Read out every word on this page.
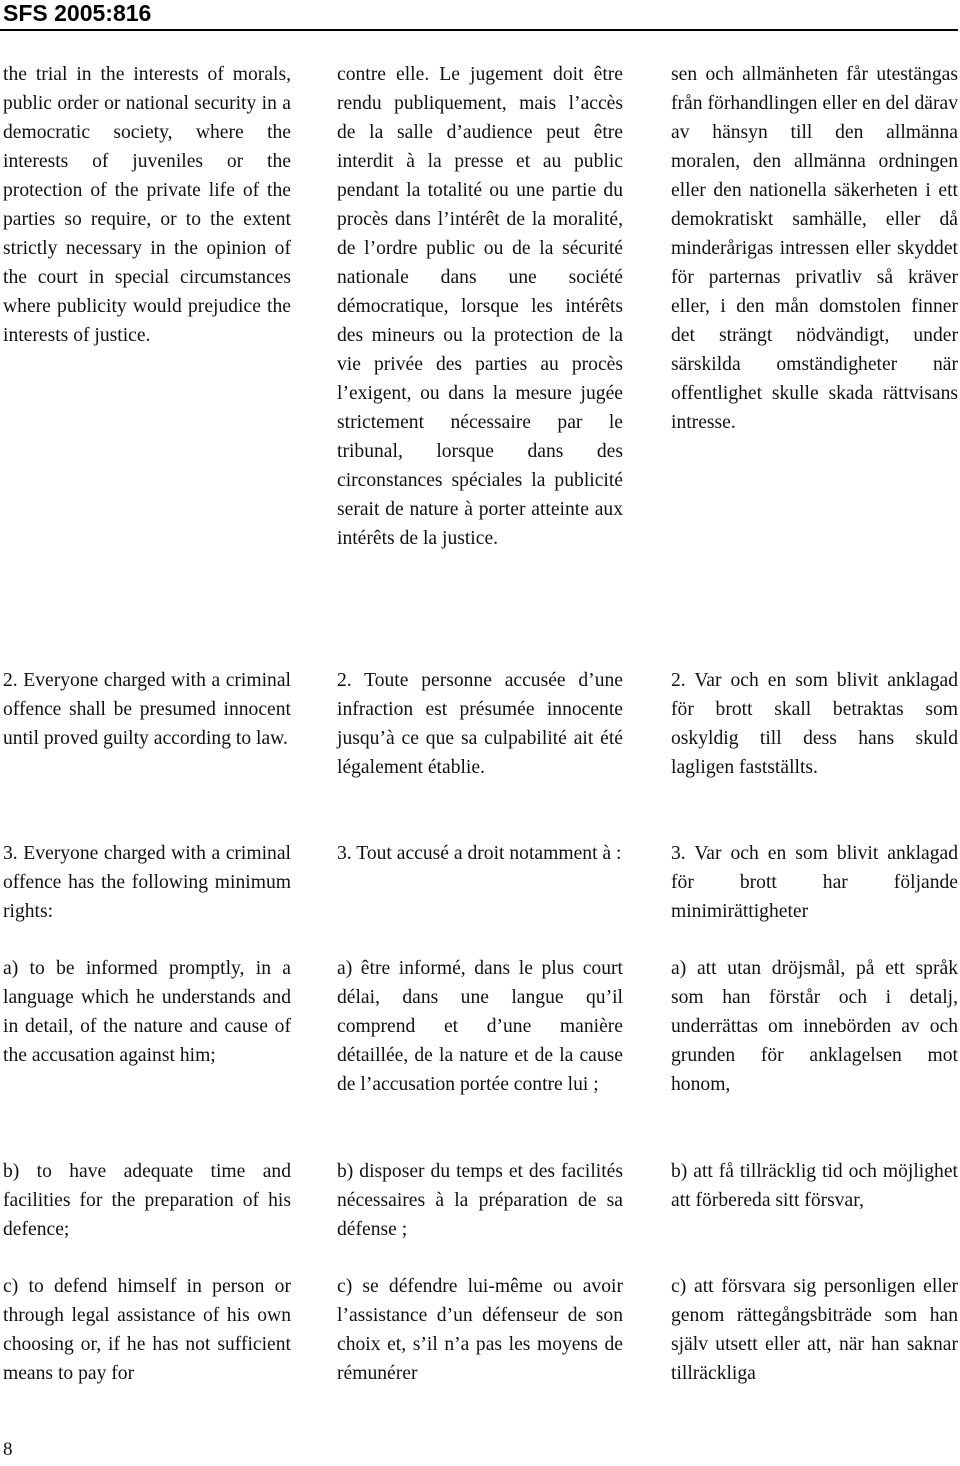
SFS 2005:816

the trial in the interests of morals, public order or national security in a democratic society, where the interests of juveniles or the protection of the private life of the parties so require, or to the extent strictly necessary in the opinion of the court in special circumstances where publicity would prejudice the interests of justice.

2. Everyone charged with a criminal offence shall be presumed innocent until proved guilty according to law.

3. Everyone charged with a criminal offence has the following minimum rights:

a) to be informed promptly, in a language which he understands and in detail, of the nature and cause of the accusation against him;

b) to have adequate time and facilities for the preparation of his defence;

c) to defend himself in person or through legal assistance of his own choosing or, if he has not sufficient means to pay for

contre elle. Le jugement doit être rendu publiquement, mais l’accès de la salle d’audience peut être interdit à la presse et au public pendant la totalité ou une partie du procès dans l’intérêt de la moralité, de l’ordre public ou de la sécurité nationale dans une société démocratique, lorsque les intérêts des mineurs ou la protection de la vie privée des parties au procès l’exigent, ou dans la mesure jugée strictement nécessaire par le tribunal, lorsque dans des circonstances spéciales la publicité serait de nature à porter atteinte aux intérêts de la justice.

2. Toute personne accusée d’une infraction est présumée innocente jusqu’à ce que sa culpabilité ait été légalement établie.

3. Tout accusé a droit notamment à :

a) être informé, dans le plus court délai, dans une langue qu’il comprend et d’une manière détaillée, de la nature et de la cause de l’accusation portée contre lui ;

b) disposer du temps et des facilités nécessaires à la préparation de sa défense ;

c) se défendre lui-même ou avoir l’assistance d’un défenseur de son choix et, s’il n’a pas les moyens de rémunérer

sen och allmänheten får utestängas från förhandlingen eller en del därav av hänsyn till den allmänna moralen, den allmänna ordningen eller den nationella säkerheten i ett demokratiskt samhälle, eller då minderårigas intressen eller skyddet för parternas privatliv så kräver eller, i den mån domstolen finner det strängt nödvändigt, under särskilda omständigheter när offentlighet skulle skada rättvisans intresse.

2. Var och en som blivit anklagad för brott skall betraktas som oskyldig till dess hans skuld lagligen fastställts.

3. Var och en som blivit anklagad för brott har följande minimirättigheter

a) att utan dröjsmål, på ett språk som han förstår och i detalj, underrättas om innebörden av och grunden för anklagelsen mot honom,

b) att få tillräcklig tid och möjlighet att förbereda sitt försvar,

c) att försvara sig personligen eller genom rättegångsbiträde som han själv utsett eller att, när han saknar tillräckliga

8
